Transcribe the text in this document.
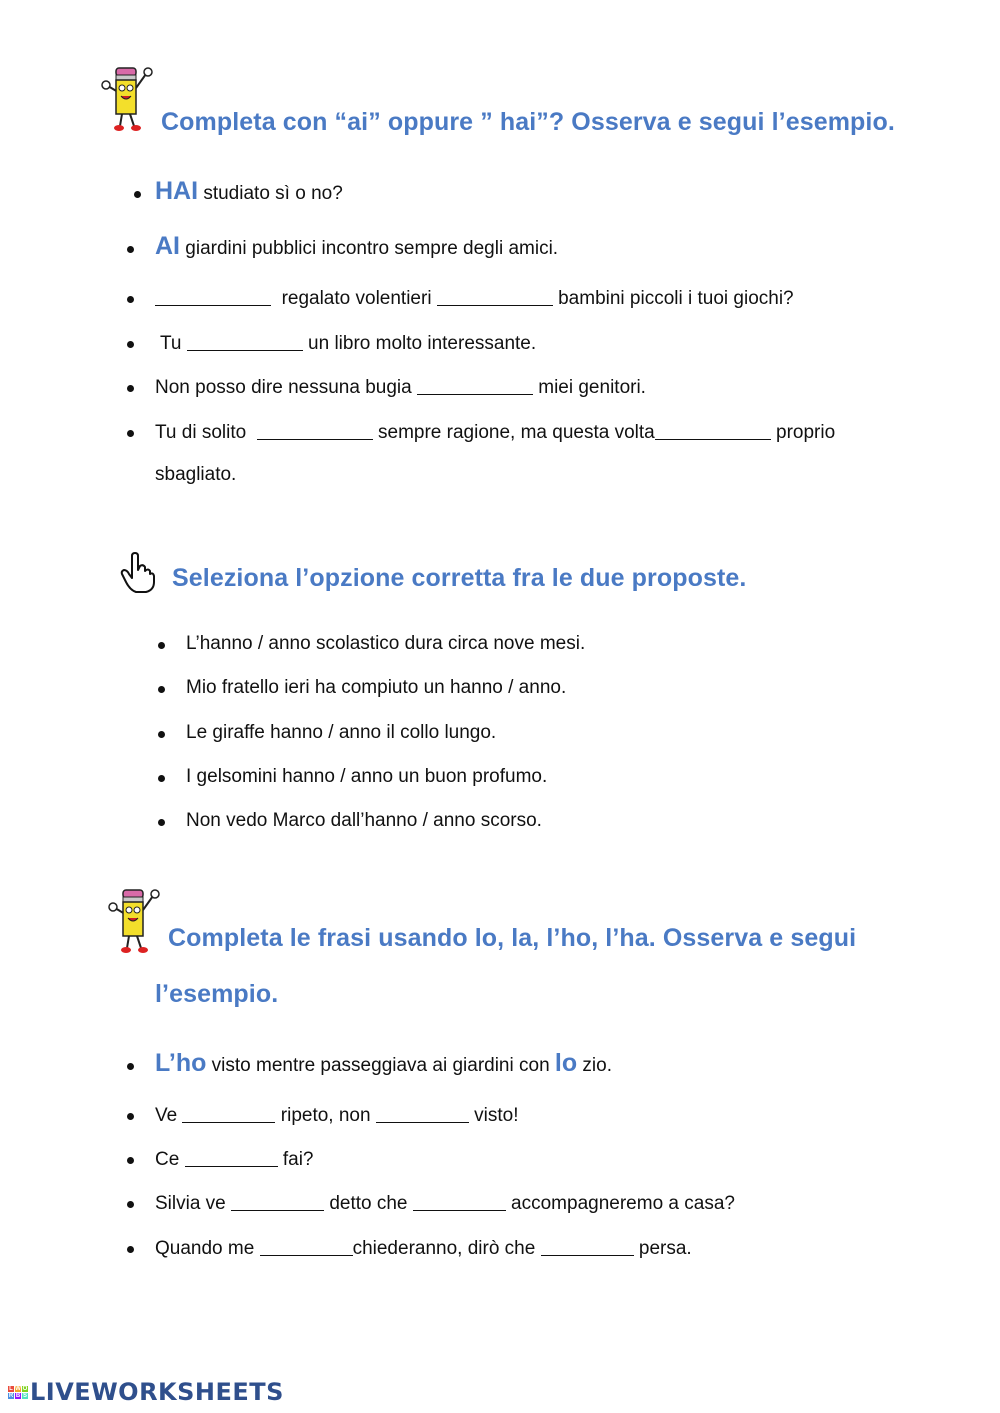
Completa con “ai” oppure ” hai”? Osserva e segui l’esempio.
HAI studiato sì o no?
AI giardini pubblici incontro sempre degli amici.
regalato volentieri	bambini piccoli i tuoi giochi?
Tu	un libro molto interessante.
Non posso dire nessuna bugia	miei genitori.
Tu di solito	sempre ragione, ma questa volta	proprio
sbagliato.
Seleziona l’opzione corretta fra le due proposte.
L’hanno / anno scolastico dura circa nove mesi.
Mio fratello ieri ha compiuto un hanno / anno.
Le giraffe hanno / anno il collo lungo.
I gelsomini hanno / anno un buon profumo.
Non vedo Marco dall’hanno / anno scorso.
Completa le frasi usando lo, la, l’ho, l’ha. Osserva e segui
l’esempio.
L’ho visto mentre passeggiava ai giardini con lo zio.
Ve	ripeto, non	visto!
Ce	fai?
Silvia ve	detto che	accompagneremo a casa?
Quando me	chiederanno, dirò che	persa.
L W O
R B S LIVEWORKSHEETS
